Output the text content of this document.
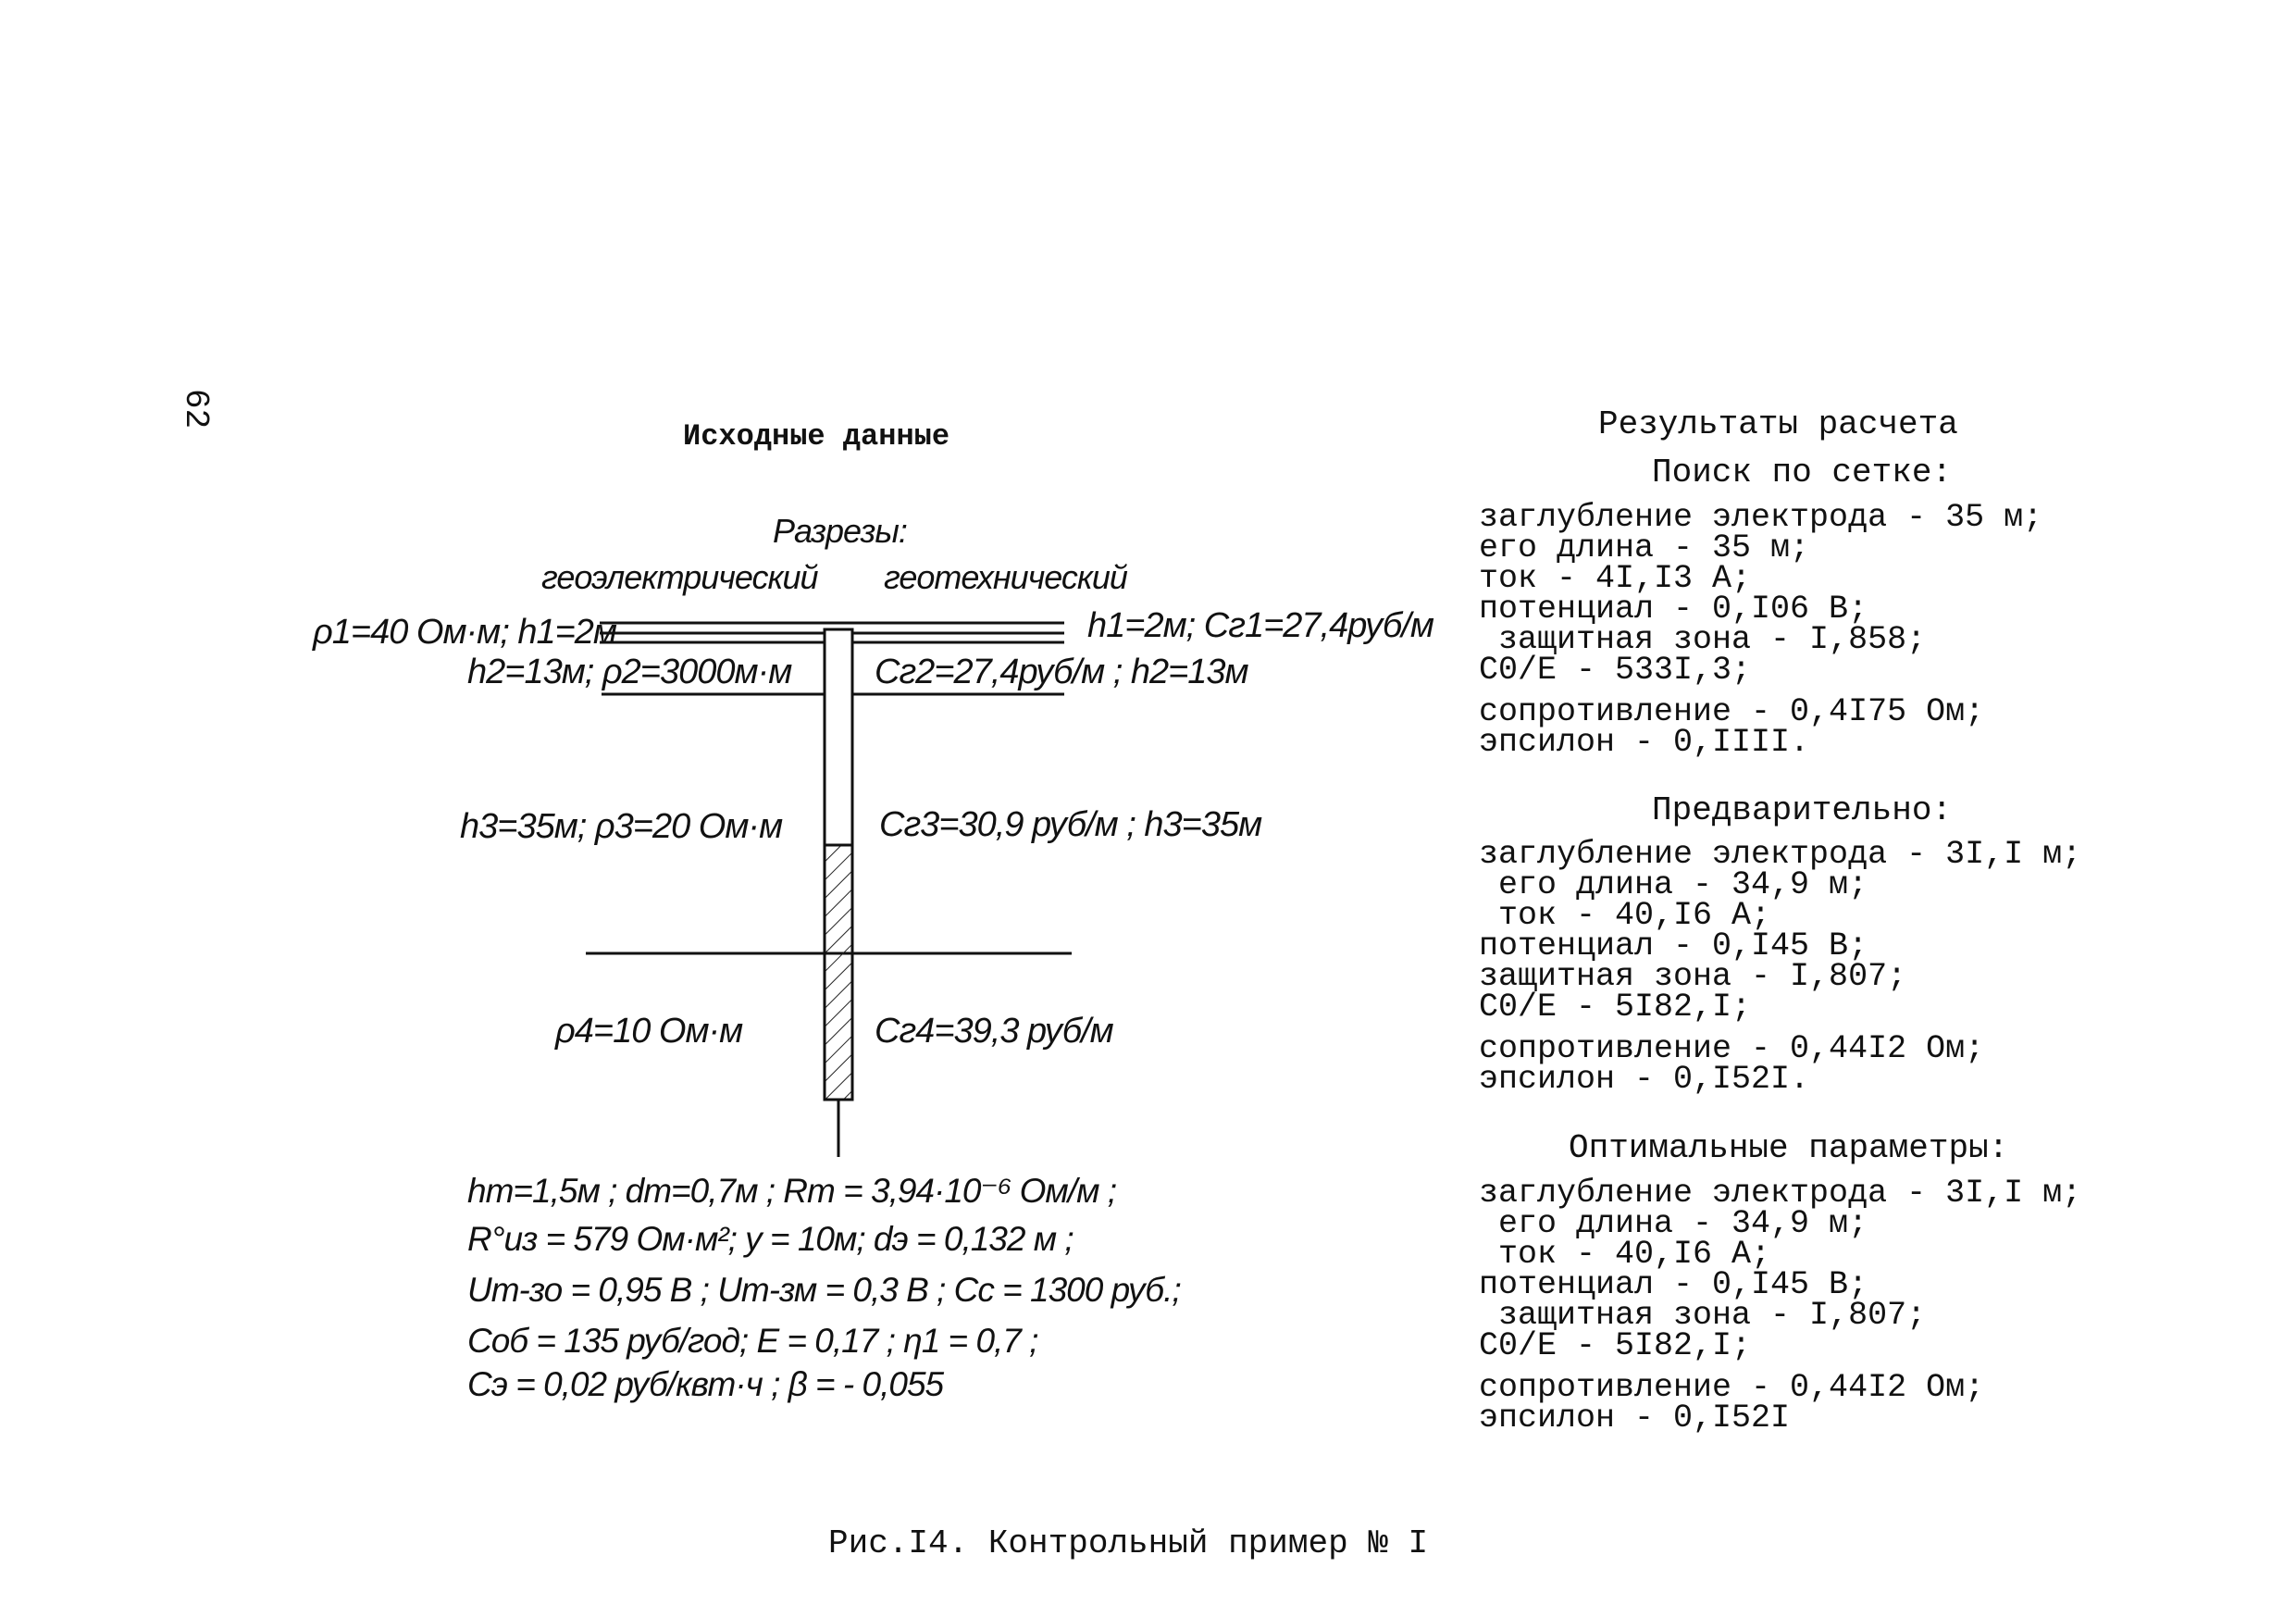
62
Исходные данные
Разрезы:
геоэлектрический геотехнический
ρ1=40 Ом·м; h1=2м	h1=2м; Cг1=27,4руб/м
h2=13м; ρ2=3000м·м Cг2=27,4руб/м ; h2=13м
h3=35м; ρ3=20 Ом·м	Cг3=30,9 руб/м ; h3=35м
ρ4=10 Ом·м	Cг4=39,3 руб/м
hт=1,5м ; dт=0,7м ; Rт = 3,94·10⁻⁶ Ом/м ;
R°из = 579 Ом·м²; y = 10м; dэ = 0,132 м ;
Uт-зо = 0,95 В ; Uт-зм = 0,3 В ; Cc = 1300 руб.;
Cоб = 135 руб/год; E = 0,17 ; η1 = 0,7 ;
Cэ = 0,02 руб/квт·ч ; β = - 0,055
Результаты расчета
Поиск по сетке:
заглубление электрода - 35 м;
его длина - 35 м;
ток - 4I,I3 А;
потенциал - 0,I06 В;
защитная зона - I,858;
C0/E - 533I,3;
сопротивление - 0,4I75 Ом;
эпсилон - 0,IIII.
Предварительно:
заглубление электрода - 3I,I м;
его длина - 34,9 м;
ток - 40,I6 А;
потенциал - 0,I45 В;
защитная зона - I,807;
C0/E - 5I82,I;
сопротивление - 0,44I2 Ом;
эпсилон - 0,I52I.
Оптимальные параметры:
заглубление электрода - 3I,I м;
его длина - 34,9 м;
ток - 40,I6 А;
потенциал - 0,I45 В;
защитная зона - I,807;
C0/E - 5I82,I;
сопротивление - 0,44I2 Ом;
эпсилон - 0,I52I
Рис.I4. Контрольный пример № I
